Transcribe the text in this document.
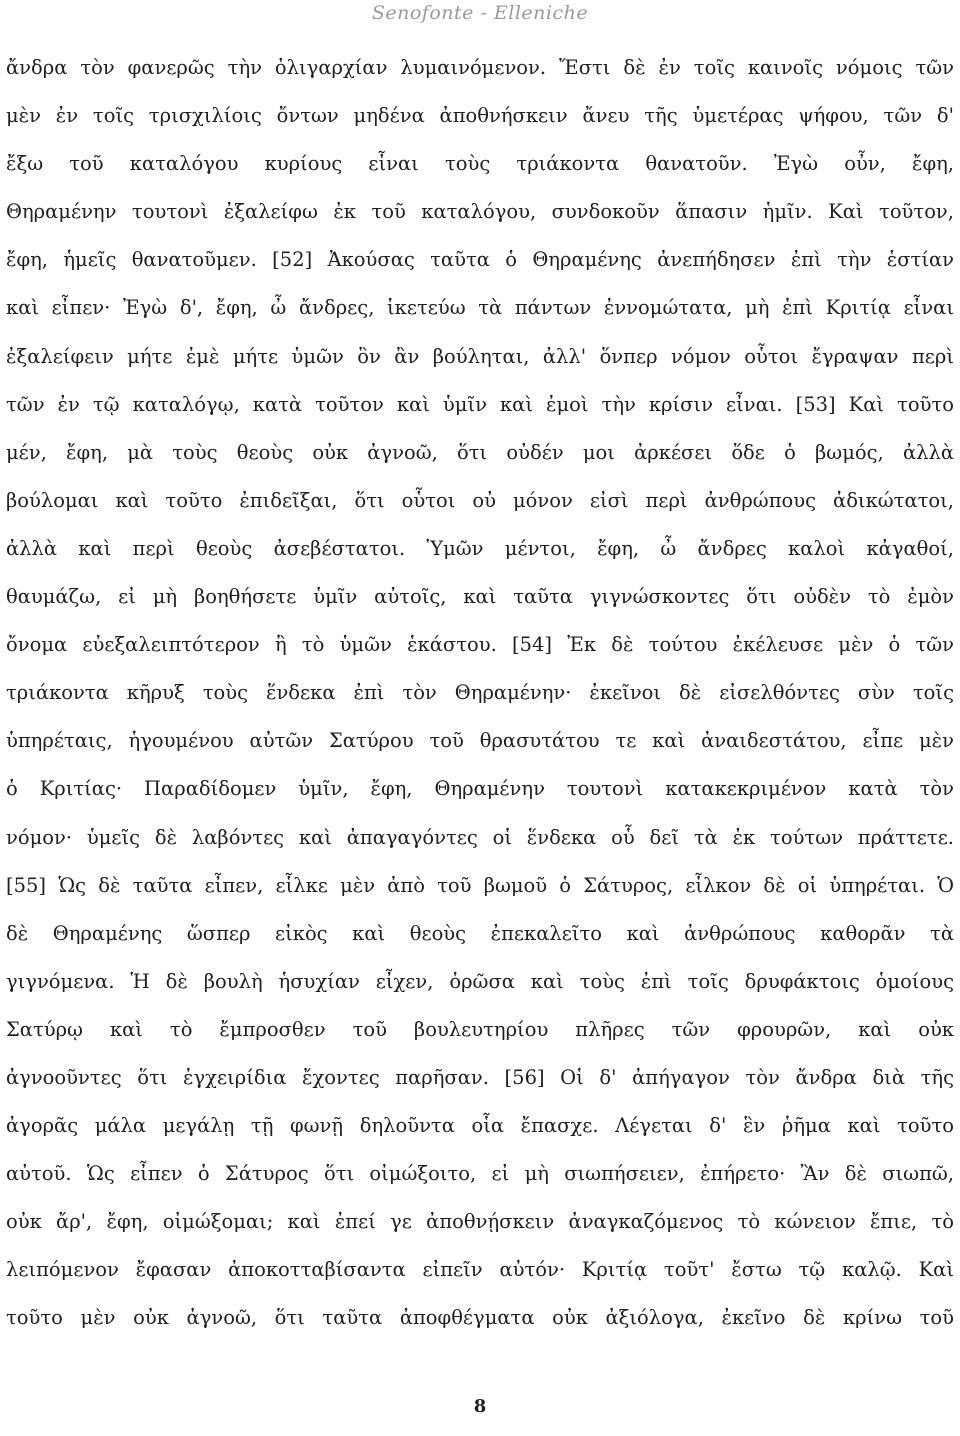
Senofonte - Elleniche
ἄνδρα τὸν φανερῶς τὴν ὀλιγαρχίαν λυμαινόμενον. Ἔστι δὲ ἐν τοῖς καινοῖς νόμοις τῶν
μὲν ἐν τοῖς τρισχιλίοις ὄντων μηδένα ἀποθνήσκειν ἄνευ τῆς ὑμετέρας ψήφου, τῶν δ'
ἔξω τοῦ καταλόγου κυρίους εἶναι τοὺς τριάκοντα θανατοῦν. Ἐγὼ οὖν, ἔφη,
Θηραμένην τουτονὶ ἐξαλείφω ἐκ τοῦ καταλόγου, συνδοκοῦν ἅπασιν ἡμῖν. Καὶ τοῦτον,
ἔφη, ἡμεῖς θανατοῦμεν. [52] Ἀκούσας ταῦτα ὁ Θηραμένης ἀνεπήδησεν ἐπὶ τὴν ἑστίαν
καὶ εἶπεν· Ἐγὼ δ', ἔφη, ὦ ἄνδρες, ἱκετεύω τὰ πάντων ἐννομώτατα, μὴ ἐπὶ Κριτίᾳ εἶναι
ἐξαλείφειν μήτε ἐμὲ μήτε ὑμῶν ὃν ἂν βούληται, ἀλλ' ὅνπερ νόμον οὗτοι ἔγραψαν περὶ
τῶν ἐν τῷ καταλόγῳ, κατὰ τοῦτον καὶ ὑμῖν καὶ ἐμοὶ τὴν κρίσιν εἶναι. [53] Καὶ τοῦτο
μέν, ἔφη, μὰ τοὺς θεοὺς οὐκ ἀγνοῶ, ὅτι οὐδέν μοι ἀρκέσει ὅδε ὁ βωμός, ἀλλὰ
βούλομαι καὶ τοῦτο ἐπιδεῖξαι, ὅτι οὗτοι οὐ μόνον εἰσὶ περὶ ἀνθρώπους ἀδικώτατοι,
ἀλλὰ καὶ περὶ θεοὺς ἀσεβέστατοι. Ὑμῶν μέντοι, ἔφη, ὦ ἄνδρες καλοὶ κἀγαθοί,
θαυμάζω, εἰ μὴ βοηθήσετε ὑμῖν αὐτοῖς, καὶ ταῦτα γιγνώσκοντες ὅτι οὐδὲν τὸ ἐμὸν
ὄνομα εὐεξαλειπτότερον ἢ τὸ ὑμῶν ἑκάστου. [54] Ἐκ δὲ τούτου ἐκέλευσε μὲν ὁ τῶν
τριάκοντα κῆρυξ τοὺς ἕνδεκα ἐπὶ τὸν Θηραμένην· ἐκεῖνοι δὲ εἰσελθόντες σὺν τοῖς
ὑπηρέταις, ἡγουμένου αὐτῶν Σατύρου τοῦ θρασυτάτου τε καὶ ἀναιδεστάτου, εἶπε μὲν
ὁ Κριτίας· Παραδίδομεν ὑμῖν, ἔφη, Θηραμένην τουτονὶ κατακεκριμένον κατὰ τὸν
νόμον· ὑμεῖς δὲ λαβόντες καὶ ἀπαγαγόντες οἱ ἕνδεκα οὗ δεῖ τὰ ἐκ τούτων πράττετε.
[55] Ὡς δὲ ταῦτα εἶπεν, εἷλκε μὲν ἀπὸ τοῦ βωμοῦ ὁ Σάτυρος, εἷλκον δὲ οἱ ὑπηρέται. Ὁ
δὲ Θηραμένης ὥσπερ εἰκὸς καὶ θεοὺς ἐπεκαλεῖτο καὶ ἀνθρώπους καθορᾶν τὰ
γιγνόμενα. Ἡ δὲ βουλὴ ἡσυχίαν εἶχεν, ὁρῶσα καὶ τοὺς ἐπὶ τοῖς δρυφάκτοις ὁμοίους
Σατύρῳ καὶ τὸ ἔμπροσθεν τοῦ βουλευτηρίου πλῆρες τῶν φρουρῶν, καὶ οὐκ
ἀγνοοῦντες ὅτι ἐγχειρίδια ἔχοντες παρῆσαν. [56] Οἱ δ' ἀπήγαγον τὸν ἄνδρα διὰ τῆς
ἀγορᾶς μάλα μεγάλῃ τῇ φωνῇ δηλοῦντα οἷα ἔπασχε. Λέγεται δ' ἓν ῥῆμα καὶ τοῦτο
αὐτοῦ. Ὡς εἶπεν ὁ Σάτυρος ὅτι οἰμώξοιτο, εἰ μὴ σιωπήσειεν, ἐπήρετο· Ἂν δὲ σιωπῶ,
οὐκ ἄρ', ἔφη, οἰμώξομαι; καὶ ἐπεί γε ἀποθνῄσκειν ἀναγκαζόμενος τὸ κώνειον ἔπιε, τὸ
λειπόμενον ἔφασαν ἀποκοτταβίσαντα εἰπεῖν αὐτόν· Κριτίᾳ τοῦτ' ἔστω τῷ καλῷ. Καὶ
τοῦτο μὲν οὐκ ἀγνοῶ, ὅτι ταῦτα ἀποφθέγματα οὐκ ἀξιόλογα, ἐκεῖνο δὲ κρίνω τοῦ
8
